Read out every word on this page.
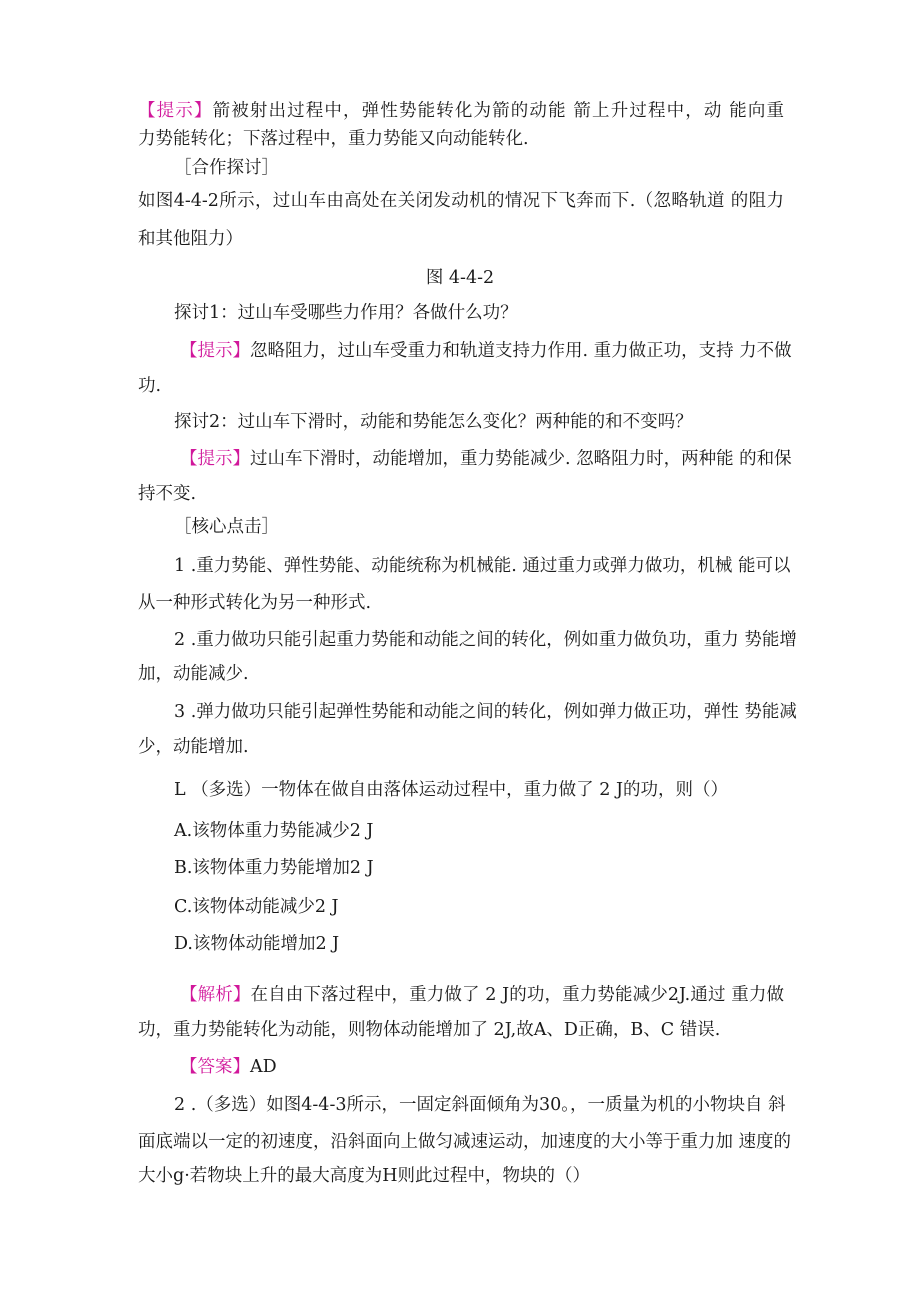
【提示】箭被射出过程中，弹性势能转化为箭的动能 箭上升过程中，动 能向重
力势能转化；下落过程中，重力势能又向动能转化.
［合作探讨］
如图4-4-2所示，过山车由高处在关闭发动机的情况下飞奔而下.（忽略轨道 的阻力
和其他阻力）
图 4-4-2
探讨1：过山车受哪些力作用？各做什么功？
【提示】忽略阻力，过山车受重力和轨道支持力作用. 重力做正功，支持 力不做
功.
探讨2：过山车下滑时，动能和势能怎么变化？两种能的和不变吗？
【提示】过山车下滑时，动能增加，重力势能减少. 忽略阻力时，两种能 的和保
持不变.
［核心点击］
1 .重力势能、弹性势能、动能统称为机械能. 通过重力或弹力做功，机械 能可以
从一种形式转化为另一种形式.
2 .重力做功只能引起重力势能和动能之间的转化，例如重力做负功，重力 势能增
加，动能减少.
3 .弹力做功只能引起弹性势能和动能之间的转化，例如弹力做正功，弹性 势能减
少，动能增加.
L （多选）一物体在做自由落体运动过程中，重力做了 2 J的功，则（）
A.该物体重力势能减少2 J
B.该物体重力势能增加2 J
C.该物体动能减少2 J
D.该物体动能增加2 J
【解析】在自由下落过程中，重力做了 2 J的功，重力势能减少2J.通过 重力做
功，重力势能转化为动能，则物体动能增加了 2J,故A、D正确，B、C 错误.
【答案】AD
2 .（多选）如图4-4-3所示，一固定斜面倾角为30。，一质量为机的小物块自 斜
面底端以一定的初速度，沿斜面向上做匀减速运动，加速度的大小等于重力加 速度的
大小g·若物块上升的最大高度为H则此过程中，物块的（）
